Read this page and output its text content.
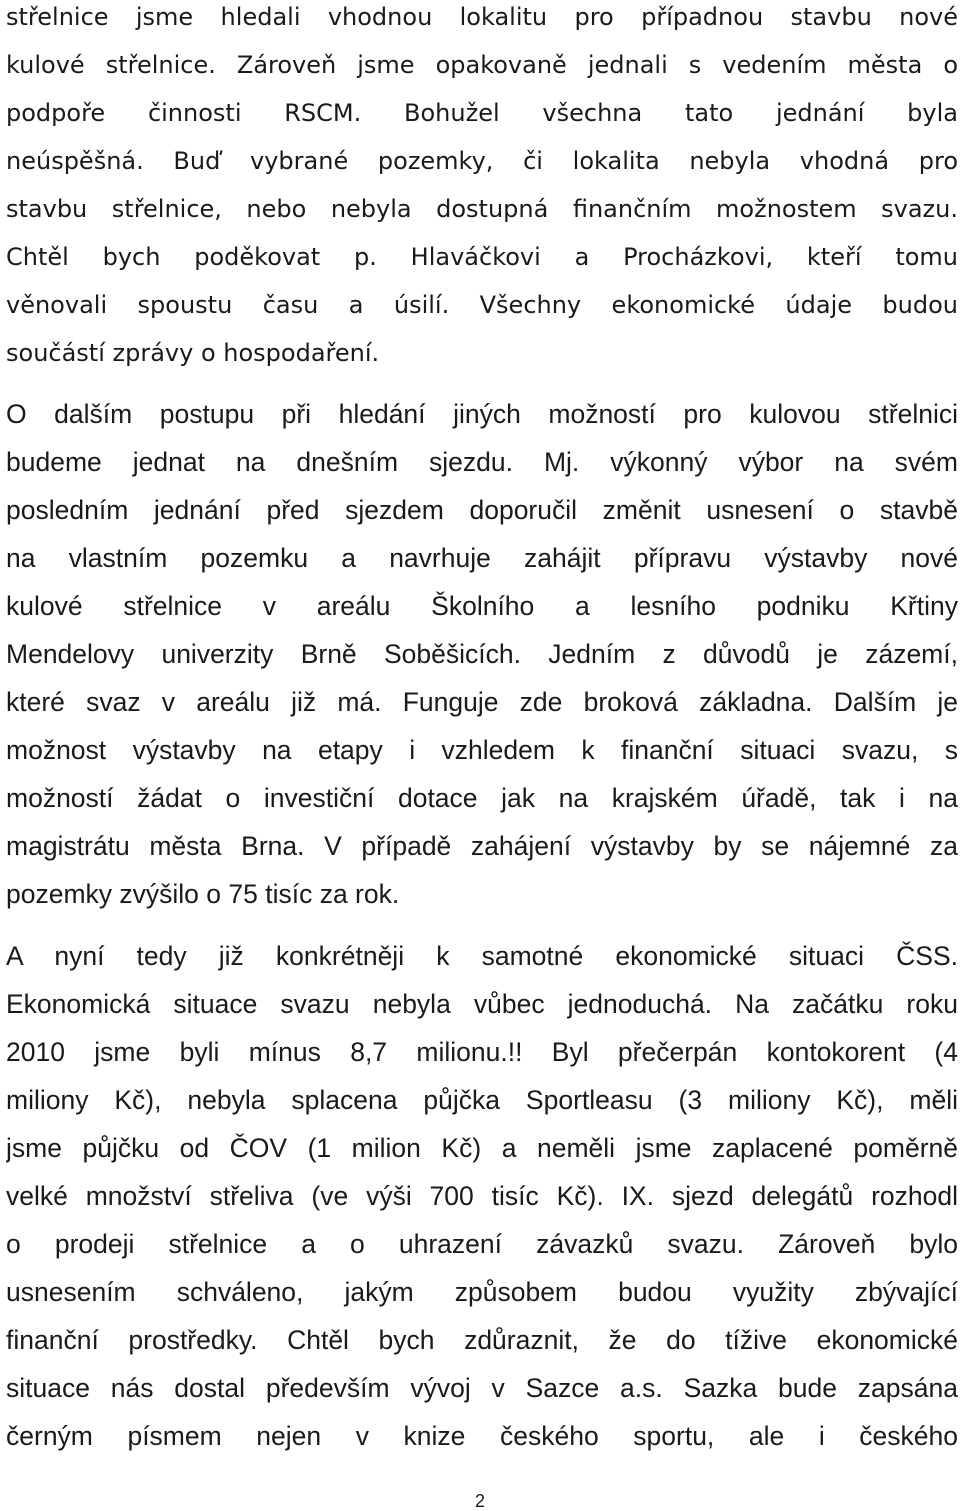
střelnice jsme hledali vhodnou lokalitu pro případnou stavbu nové
kulové střelnice. Zároveň jsme opakovaně jednali s vedením města o
podpoře činnosti RSCM. Bohužel všechna tato jednání byla
neúspěšná. Buď vybrané pozemky, či lokalita nebyla vhodná pro
stavbu střelnice, nebo nebyla dostupná finančním možnostem svazu.
Chtěl bych poděkovat p. Hlaváčkovi a Procházkovi, kteří tomu
věnovali spoustu času a úsilí. Všechny ekonomické údaje budou
součástí zprávy o hospodaření.
O dalším postupu při hledání jiných možností pro kulovou střelnici
budeme jednat na dnešním sjezdu. Mj. výkonný výbor na svém
posledním jednání před sjezdem doporučil změnit usnesení o stavbě
na vlastním pozemku a navrhuje zahájit přípravu výstavby nové
kulové střelnice v areálu Školního a lesního podniku Křtiny
Mendelovy univerzity Brně Soběšicích. Jedním z důvodů je zázemí,
které svaz v areálu již má. Funguje zde broková základna. Dalším je
možnost výstavby na etapy i vzhledem k finanční situaci svazu, s
možností žádat o investiční dotace jak na krajském úřadě, tak i na
magistrátu města Brna. V případě zahájení výstavby by se nájemné za
pozemky zvýšilo o 75 tisíc za rok.
A nyní tedy již konkrétněji k samotné ekonomické situaci ČSS.
Ekonomická situace svazu nebyla vůbec jednoduchá. Na začátku roku
2010 jsme byli mínus 8,7 milionu.!! Byl přečerpán kontokorent (4
miliony Kč), nebyla splacena půjčka Sportleasu (3 miliony Kč), měli
jsme půjčku od ČOV (1 milion Kč) a neměli jsme zaplacené poměrně
velké množství střeliva (ve výši 700 tisíc Kč). IX. sjezd delegátů rozhodl
o prodeji střelnice a o uhrazení závazků svazu. Zároveň bylo
usnesením schváleno, jakým způsobem budou využity zbývající
finanční prostředky. Chtěl bych zdůraznit, že do tížive ekonomické
situace nás dostal především vývoj v Sazce a.s. Sazka bude zapsána
černým písmem nejen v knize českého sportu, ale i českého
2
